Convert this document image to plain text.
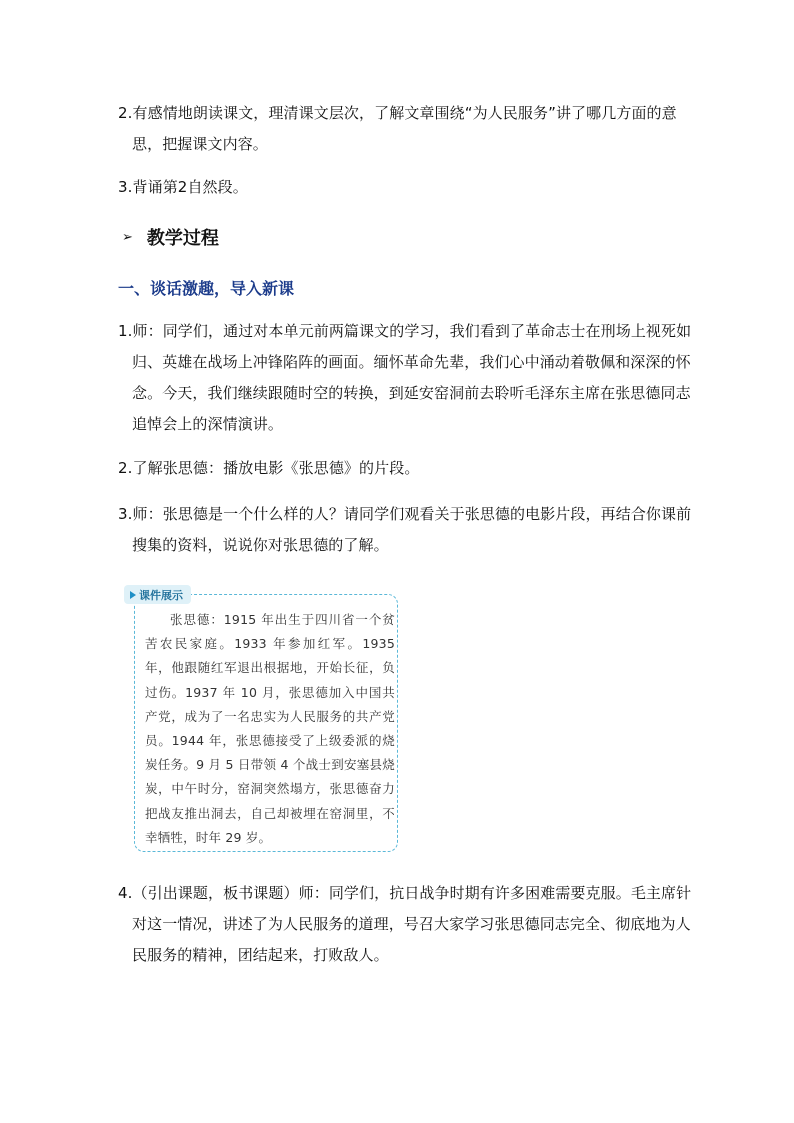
2.有感情地朗读课文，理清课文层次，了解文章围绕“为人民服务”讲了哪几方面的意思，把握课文内容。
3.背诵第2自然段。
➢ 教学过程
一、谈话激趣，导入新课
1.师：同学们，通过对本单元前两篇课文的学习，我们看到了革命志士在刑场上视死如归、英雄在战场上冲锋陷阵的画面。缅怀革命先辈，我们心中涌动着敬佩和深深的怀念。今天，我们继续跟随时空的转换，到延安窑洞前去聆听毛泽东主席在张思德同志追悼会上的深情演讲。
2.了解张思德：播放电影《张思德》的片段。
3.师：张思德是一个什么样的人？请同学们观看关于张思德的电影片段，再结合你课前搜集的资料，说说你对张思德的了解。
课件展示
张思德：1915 年出生于四川省一个贫苦农民家庭。1933 年参加红军。1935 年，他跟随红军退出根据地，开始长征，负过伤。1937 年 10 月，张思德加入中国共产党，成为了一名忠实为人民服务的共产党员。1944 年，张思德接受了上级委派的烧炭任务。9 月 5 日带领 4 个战士到安塞县烧炭，中午时分，窑洞突然塌方，张思德奋力把战友推出洞去，自己却被埋在窑洞里，不幸牺牲，时年 29 岁。
4.（引出课题，板书课题）师：同学们，抗日战争时期有许多困难需要克服。毛主席针对这一情况，讲述了为人民服务的道理，号召大家学习张思德同志完全、彻底地为人民服务的精神，团结起来，打败敌人。
